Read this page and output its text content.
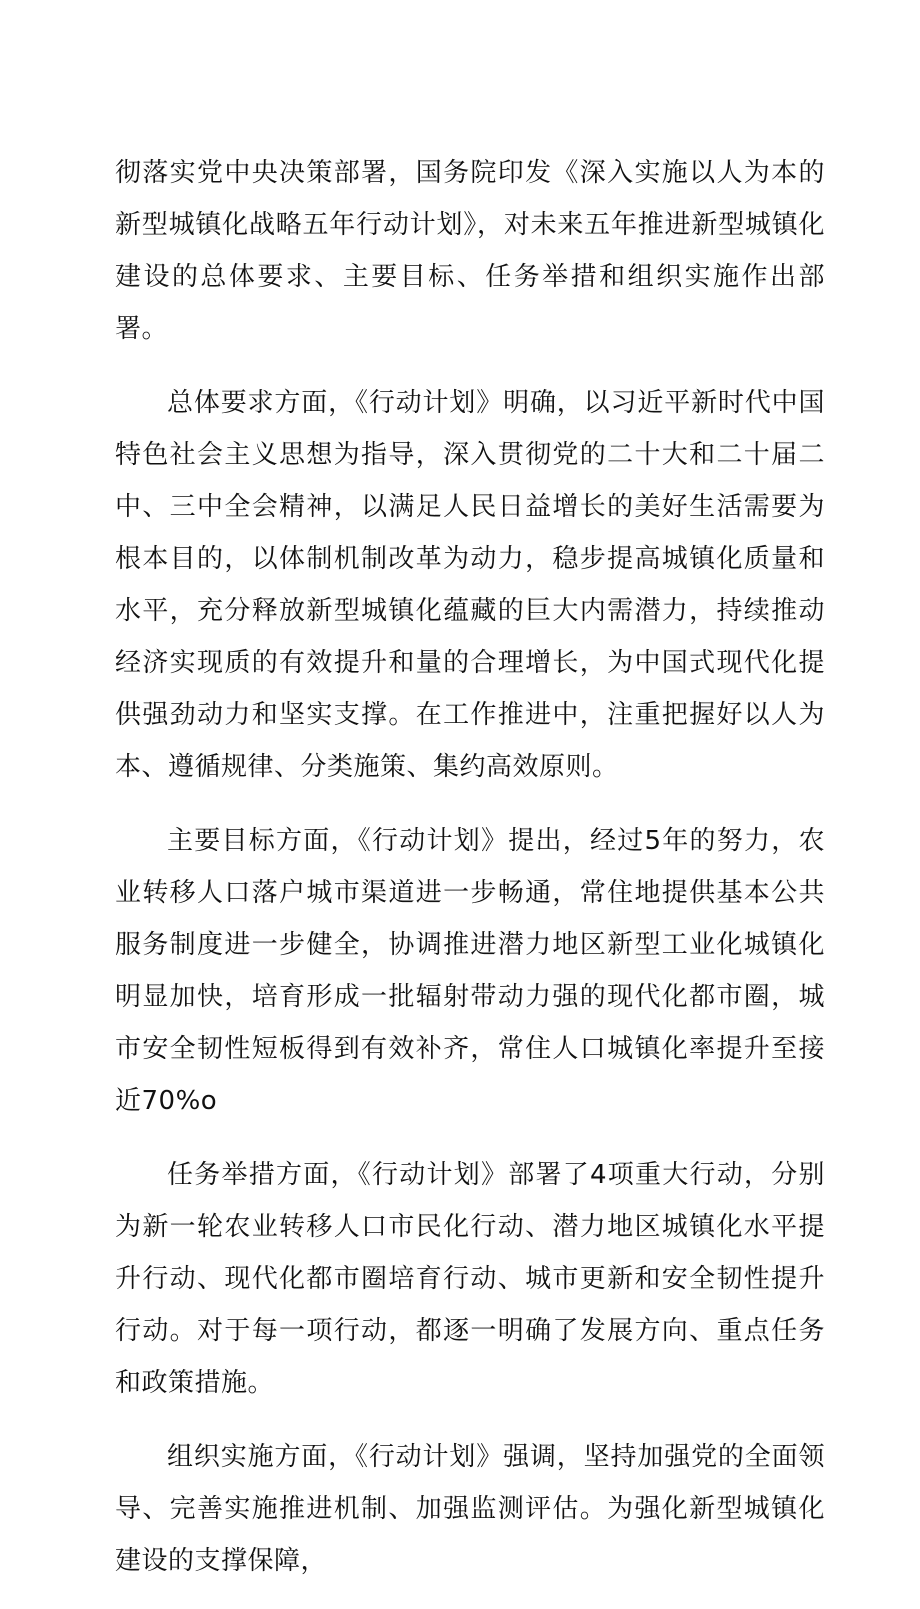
彻落实党中央决策部署，国务院印发《深入实施以人为本的新型城镇化战略五年行动计划》，对未来五年推进新型城镇化建设的总体要求、主要目标、任务举措和组织实施作出部署。

总体要求方面，《行动计划》明确，以习近平新时代中国特色社会主义思想为指导，深入贯彻党的二十大和二十届二中、三中全会精神，以满足人民日益增长的美好生活需要为根本目的，以体制机制改革为动力，稳步提高城镇化质量和水平，充分释放新型城镇化蕴藏的巨大内需潜力，持续推动经济实现质的有效提升和量的合理增长，为中国式现代化提供强劲动力和坚实支撑。在工作推进中，注重把握好以人为本、遵循规律、分类施策、集约高效原则。

主要目标方面，《行动计划》提出，经过5年的努力，农业转移人口落户城市渠道进一步畅通，常住地提供基本公共服务制度进一步健全，协调推进潜力地区新型工业化城镇化明显加快，培育形成一批辐射带动力强的现代化都市圈，城市安全韧性短板得到有效补齐，常住人口城镇化率提升至接近70%o

任务举措方面，《行动计划》部署了4项重大行动，分别为新一轮农业转移人口市民化行动、潜力地区城镇化水平提升行动、现代化都市圈培育行动、城市更新和安全韧性提升行动。对于每一项行动，都逐一明确了发展方向、重点任务和政策措施。

组织实施方面，《行动计划》强调，坚持加强党的全面领导、完善实施推进机制、加强监测评估。为强化新型城镇化建设的支撑保障，
